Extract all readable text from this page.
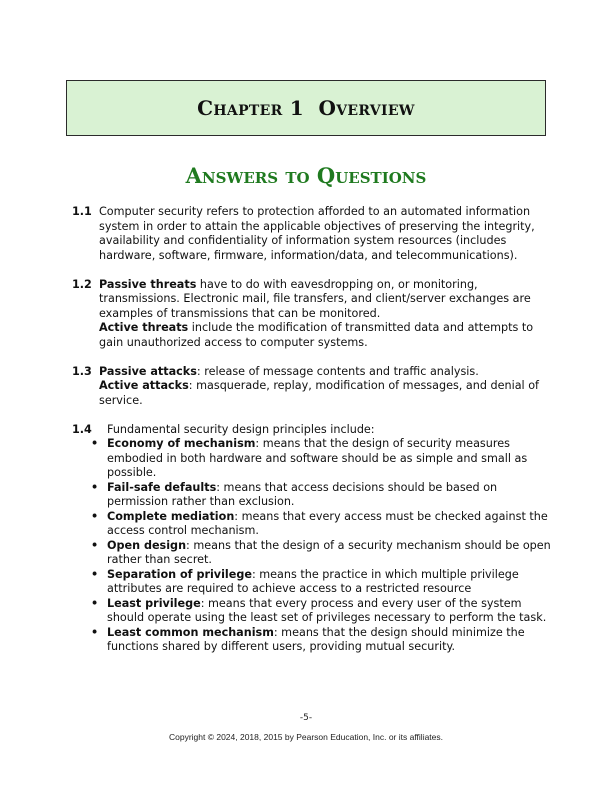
Chapter 1  Overview
Answers to Questions
1.1 Computer security refers to protection afforded to an automated information system in order to attain the applicable objectives of preserving the integrity, availability and confidentiality of information system resources (includes hardware, software, firmware, information/data, and telecommunications).
1.2 Passive threats have to do with eavesdropping on, or monitoring, transmissions. Electronic mail, file transfers, and client/server exchanges are examples of transmissions that can be monitored.
Active threats include the modification of transmitted data and attempts to gain unauthorized access to computer systems.
1.3 Passive attacks: release of message contents and traffic analysis.
Active attacks: masquerade, replay, modification of messages, and denial of service.
1.4	Fundamental security design principles include:
• Economy of mechanism: means that the design of security measures embodied in both hardware and software should be as simple and small as possible.
• Fail-safe defaults: means that access decisions should be based on permission rather than exclusion.
• Complete mediation: means that every access must be checked against the access control mechanism.
• Open design: means that the design of a security mechanism should be open rather than secret.
• Separation of privilege: means the practice in which multiple privilege attributes are required to achieve access to a restricted resource
• Least privilege: means that every process and every user of the system should operate using the least set of privileges necessary to perform the task.
• Least common mechanism: means that the design should minimize the functions shared by different users, providing mutual security.
-5-
Copyright © 2024, 2018, 2015 by Pearson Education, Inc. or its affiliates.
